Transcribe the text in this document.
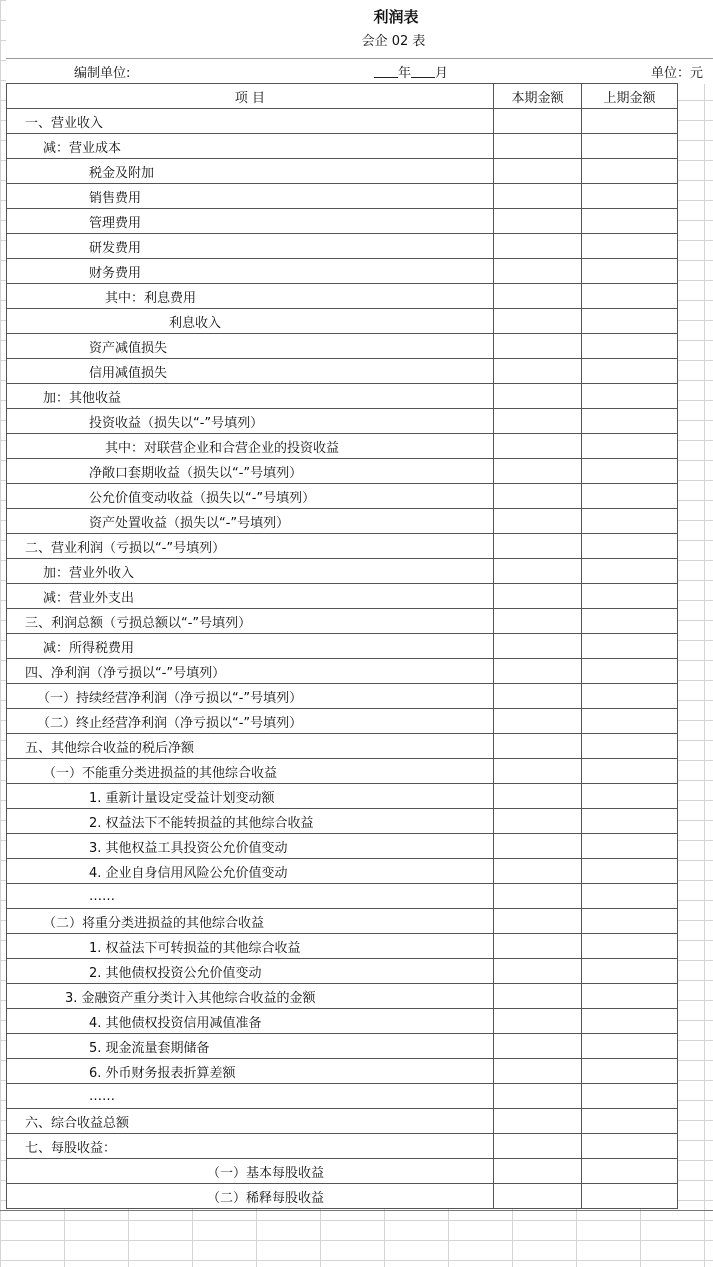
利润表
会企 02 表
编制单位:	年 月	单位：元
项 目	本期金额	上期金额
一、营业收入		
减：营业成本		
税金及附加		
销售费用		
管理费用		
研发费用		
财务费用		
其中：利息费用		
利息收入		
资产减值损失		
信用减值损失		
加：其他收益		
投资收益（损失以“-”号填列）		
其中：对联营企业和合营企业的投资收益		
净敞口套期收益（损失以“-”号填列）		
公允价值变动收益（损失以“-”号填列）		
资产处置收益（损失以“-”号填列）		
二、营业利润（亏损以“-”号填列）		
加：营业外收入		
减：营业外支出		
三、利润总额（亏损总额以“-”号填列）		
减：所得税费用		
四、净利润（净亏损以“-”号填列）		
（一）持续经营净利润（净亏损以“-”号填列）		
（二）终止经营净利润（净亏损以“-”号填列）		
五、其他综合收益的税后净额		
（一）不能重分类进损益的其他综合收益		
1. 重新计量设定受益计划变动额		
2. 权益法下不能转损益的其他综合收益		
3. 其他权益工具投资公允价值变动		
4. 企业自身信用风险公允价值变动		
……		
（二）将重分类进损益的其他综合收益		
1. 权益法下可转损益的其他综合收益		
2. 其他债权投资公允价值变动		
3. 金融资产重分类计入其他综合收益的金额		
4. 其他债权投资信用减值准备		
5. 现金流量套期储备		
6. 外币财务报表折算差额		
……		
六、综合收益总额		
七、每股收益：		
（一）基本每股收益		
（二）稀释每股收益		
